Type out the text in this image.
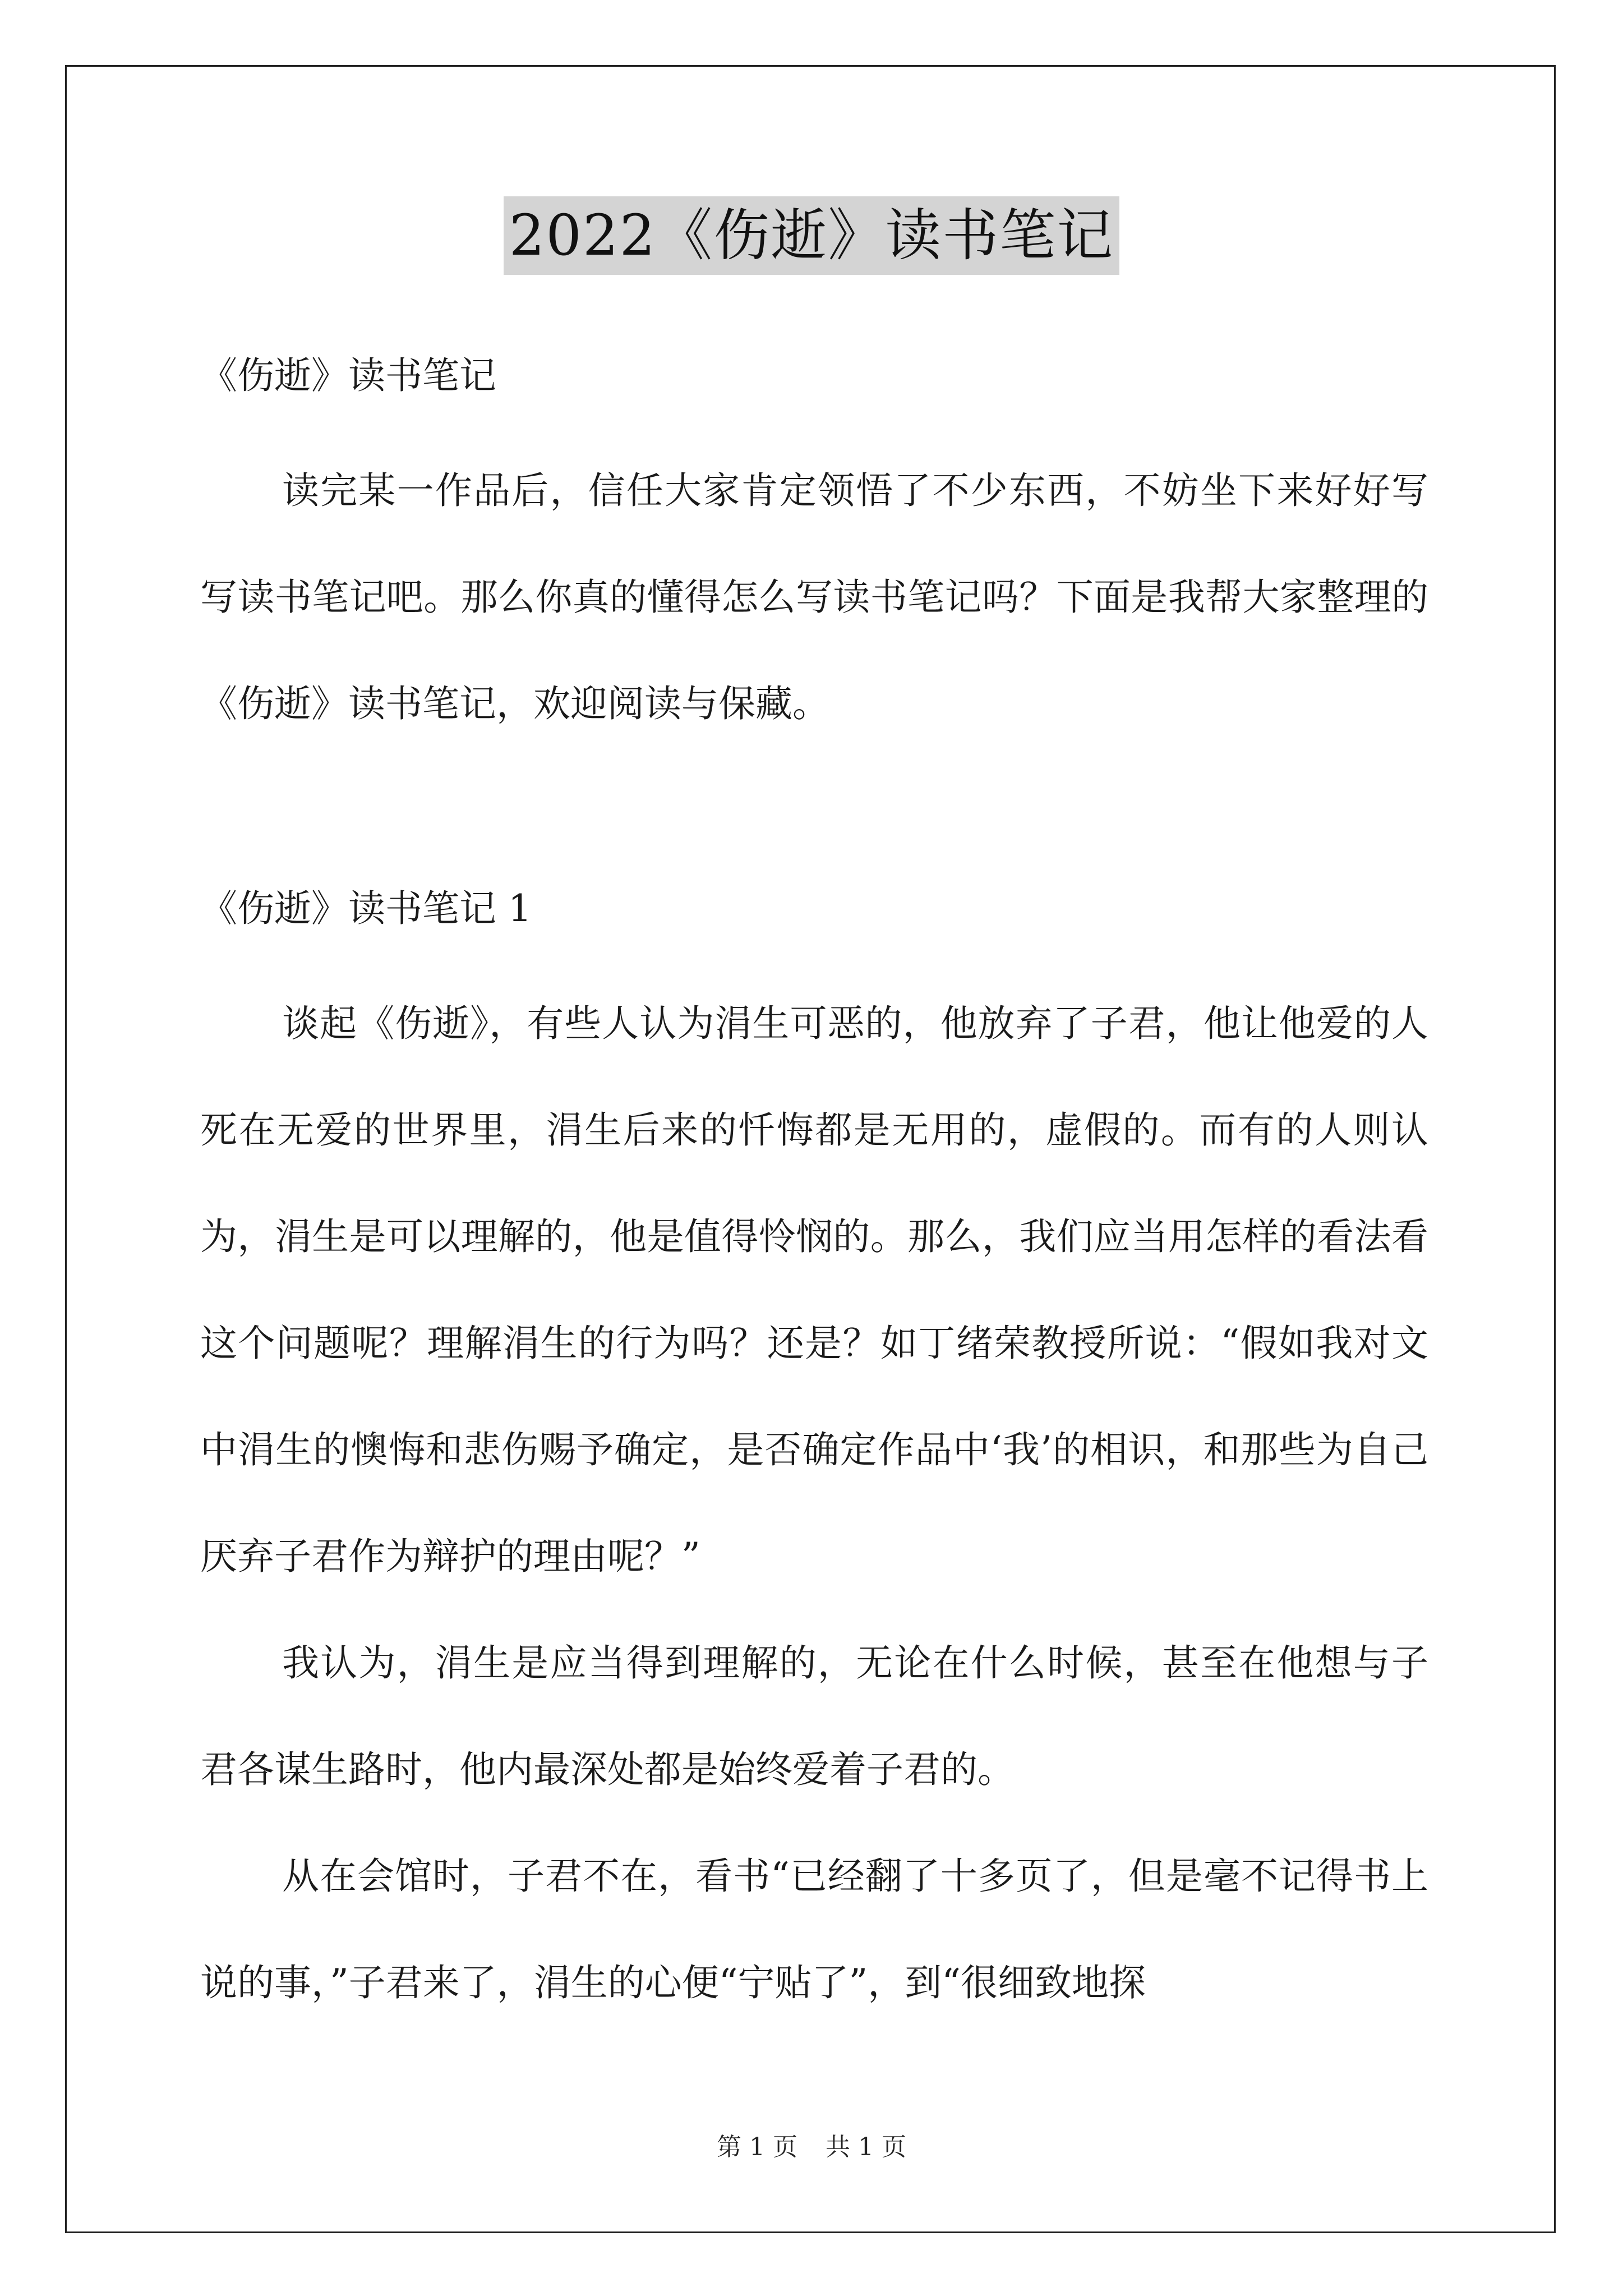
2022《伤逝》读书笔记
《伤逝》读书笔记

读完某一作品后，信任大家肯定领悟了不少东西，不妨坐下来好好写写读书笔记吧。那么你真的懂得怎么写读书笔记吗？下面是我帮大家整理的《伤逝》读书笔记，欢迎阅读与保藏。

《伤逝》读书笔记 1

谈起《伤逝》，有些人认为涓生可恶的，他放弃了子君，他让他爱的人死在无爱的世界里，涓生后来的忏悔都是无用的，虚假的。而有的人则认为，涓生是可以理解的，他是值得怜悯的。那么，我们应当用怎样的看法看这个问题呢？理解涓生的行为吗？还是？如丁绪荣教授所说：“假如我对文中涓生的懊悔和悲伤赐予确定，是否确定作品中‘我’的相识，和那些为自己厌弃子君作为辩护的理由呢？”

我认为，涓生是应当得到理解的，无论在什么时候，甚至在他想与子君各谋生路时，他内最深处都是始终爱着子君的。

从在会馆时，子君不在，看书“已经翻了十多页了，但是毫不记得书上说的事，”子君来了，涓生的心便“宁贴了”，到“很细致地探

第 1 页 共 1 页
